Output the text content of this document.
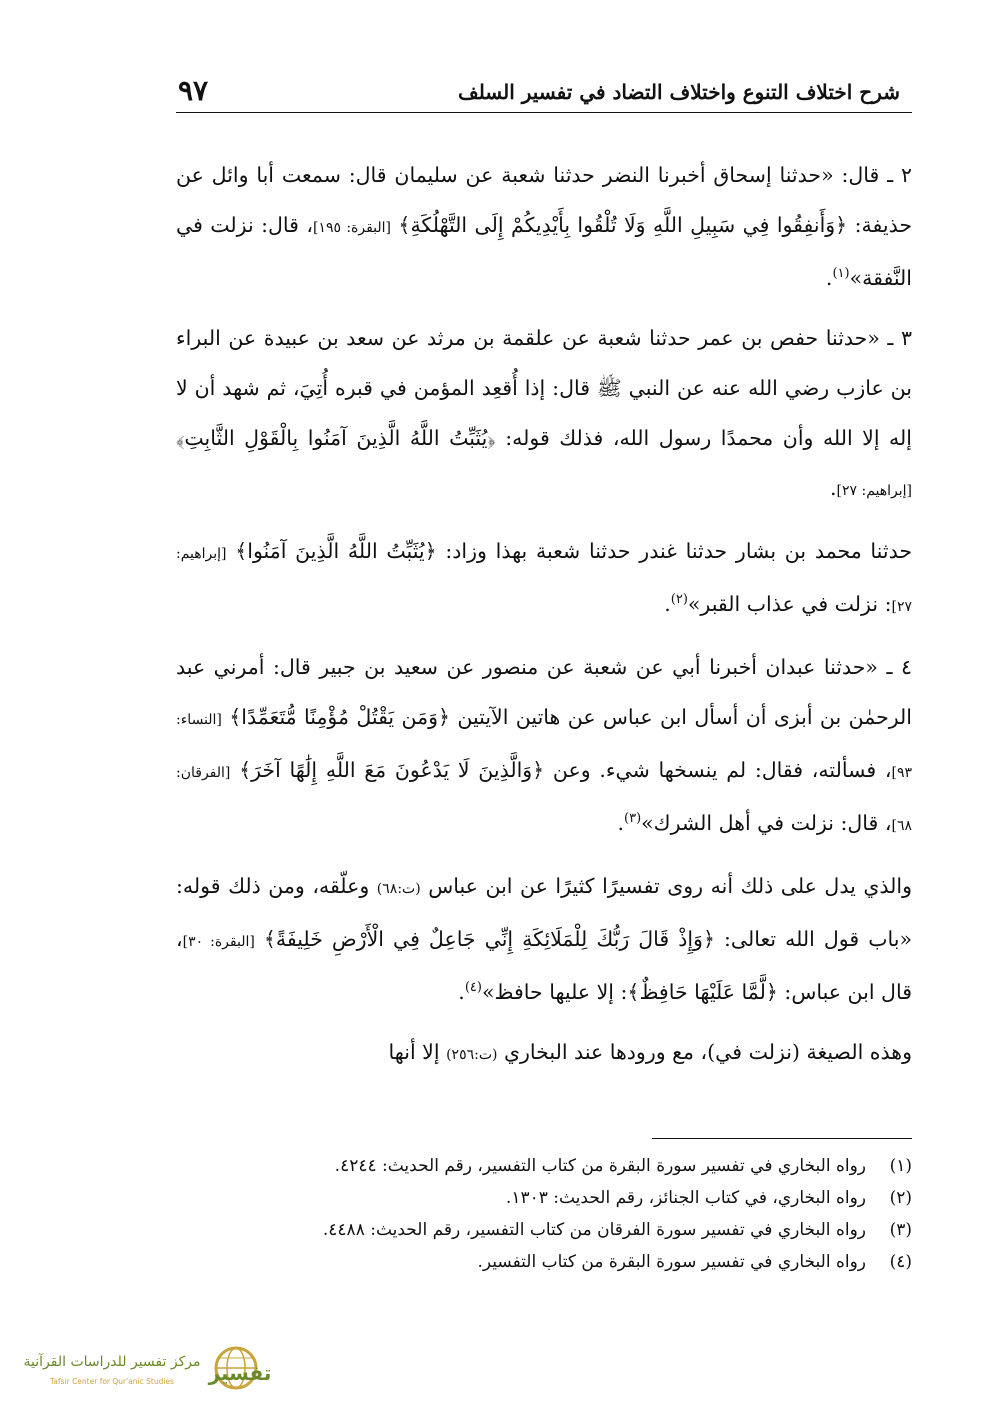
٩٧	شرح اختلاف التنوع واختلاف التضاد في تفسير السلف

٢ ـ قال: «حدثنا إسحاق أخبرنا النضر حدثنا شعبة عن سليمان قال: سمعت أبا وائل عن حذيفة: ﴿وَأَنفِقُوا فِي سَبِيلِ اللَّهِ وَلَا تُلْقُوا بِأَيْدِيكُمْ إِلَى التَّهْلُكَةِ﴾ [البقرة: ١٩٥]، قال: نزلت في النَّفقة»$^{(١)}$.

٣ ـ «حدثنا حفص بن عمر حدثنا شعبة عن علقمة بن مرثد عن سعد بن عبيدة عن البراء بن عازب رضي الله عنه عن النبي ﷺ قال: إذا أُقعِد المؤمن في قبره أُتِيَ، ثم شهد أن لا إله إلا الله وأن محمدًا رسول الله، فذلك قوله: ﴿يُثَبِّتُ اللَّهُ الَّذِينَ آمَنُوا بِالْقَوْلِ الثَّابِتِ﴾ [إبراهيم: ٢٧].

حدثنا محمد بن بشار حدثنا غندر حدثنا شعبة بهذا وزاد: ﴿يُثَبِّتُ اللَّهُ الَّذِينَ آمَنُوا﴾ [إبراهيم: ٢٧]: نزلت في عذاب القبر»$^{(٢)}$.

٤ ـ «حدثنا عبدان أخبرنا أبي عن شعبة عن منصور عن سعيد بن جبير قال: أمرني عبد الرحمٰن بن أبزى أن أسأل ابن عباس عن هاتين الآيتين ﴿وَمَن يَقْتُلْ مُؤْمِنًا مُّتَعَمِّدًا﴾ [النساء: ٩٣]، فسألته، فقال: لم ينسخها شيء. وعن ﴿وَالَّذِينَ لَا يَدْعُونَ مَعَ اللَّهِ إِلَٰهًا آخَرَ﴾ [الفرقان: ٦٨]، قال: نزلت في أهل الشرك»$^{(٣)}$.

والذي يدل على ذلك أنه روى تفسيرًا كثيرًا عن ابن عباس (ت:٦٨) وعلّقه، ومن ذلك قوله: «باب قول الله تعالى: ﴿وَإِذْ قَالَ رَبُّكَ لِلْمَلَائِكَةِ إِنِّي جَاعِلٌ فِي الْأَرْضِ خَلِيفَةً﴾ [البقرة: ٣٠]، قال ابن عباس: ﴿لَّمَّا عَلَيْهَا حَافِظٌ﴾: إلا عليها حافظ»$^{(٤)}$.

وهذه الصيغة (نزلت في)، مع ورودها عند البخاري (ت:٢٥٦) إلا أنها

(١)رواه البخاري في تفسير سورة البقرة من كتاب التفسير، رقم الحديث: ٤٢٤٤.

(٢)رواه البخاري، في كتاب الجنائز، رقم الحديث: ١٣٠٣.

(٣)رواه البخاري في تفسير سورة الفرقان من كتاب التفسير، رقم الحديث: ٤٤٨٨.

(٤)رواه البخاري في تفسير سورة البقرة من كتاب التفسير.

تفسير
مركز تفسير للدراسات القرآنية
Tafsir Center for Qur'anic Studies
